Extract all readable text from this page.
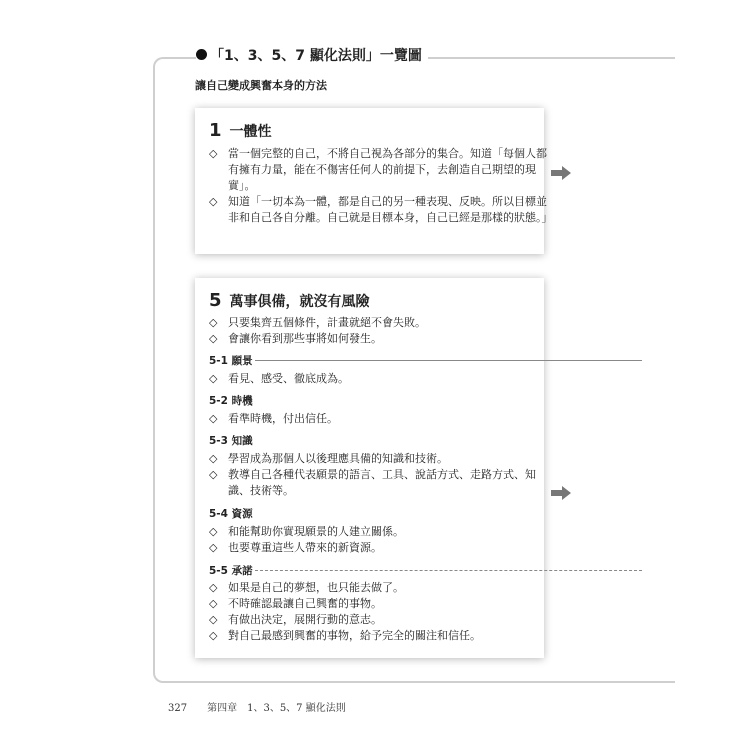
「1、3、5、7 顯化法則」一覽圖
讓自己變成興奮本身的方法
1 一體性
◇ 當一個完整的自己，不將自己視為各部分的集合。知道「每個人都有擁有力量，能在不傷害任何人的前提下，去創造自己期望的現實」。
◇ 知道「一切本為一體，都是自己的另一種表現、反映。所以目標並非和自己各自分離。自己就是目標本身，自己已經是那樣的狀態。」
5 萬事俱備，就沒有風險
◇ 只要集齊五個條件，計畫就絕不會失敗。
◇ 會讓你看到那些事將如何發生。
5-1 願景
◇ 看見、感受、徹底成為。
5-2 時機
◇ 看準時機，付出信任。
5-3 知識
◇ 學習成為那個人以後理應具備的知識和技術。
◇ 教導自己各種代表願景的語言、工具、說話方式、走路方式、知識、技術等。
5-4 資源
◇ 和能幫助你實現願景的人建立關係。
◇ 也要尊重這些人帶來的新資源。
5-5 承諾
◇ 如果是自己的夢想，也只能去做了。
◇ 不時確認最讓自己興奮的事物。
◇ 有做出決定，展開行動的意志。
◇ 對自己最感到興奮的事物，給予完全的關注和信任。
327 第四章　1、3、5、7 顯化法則
